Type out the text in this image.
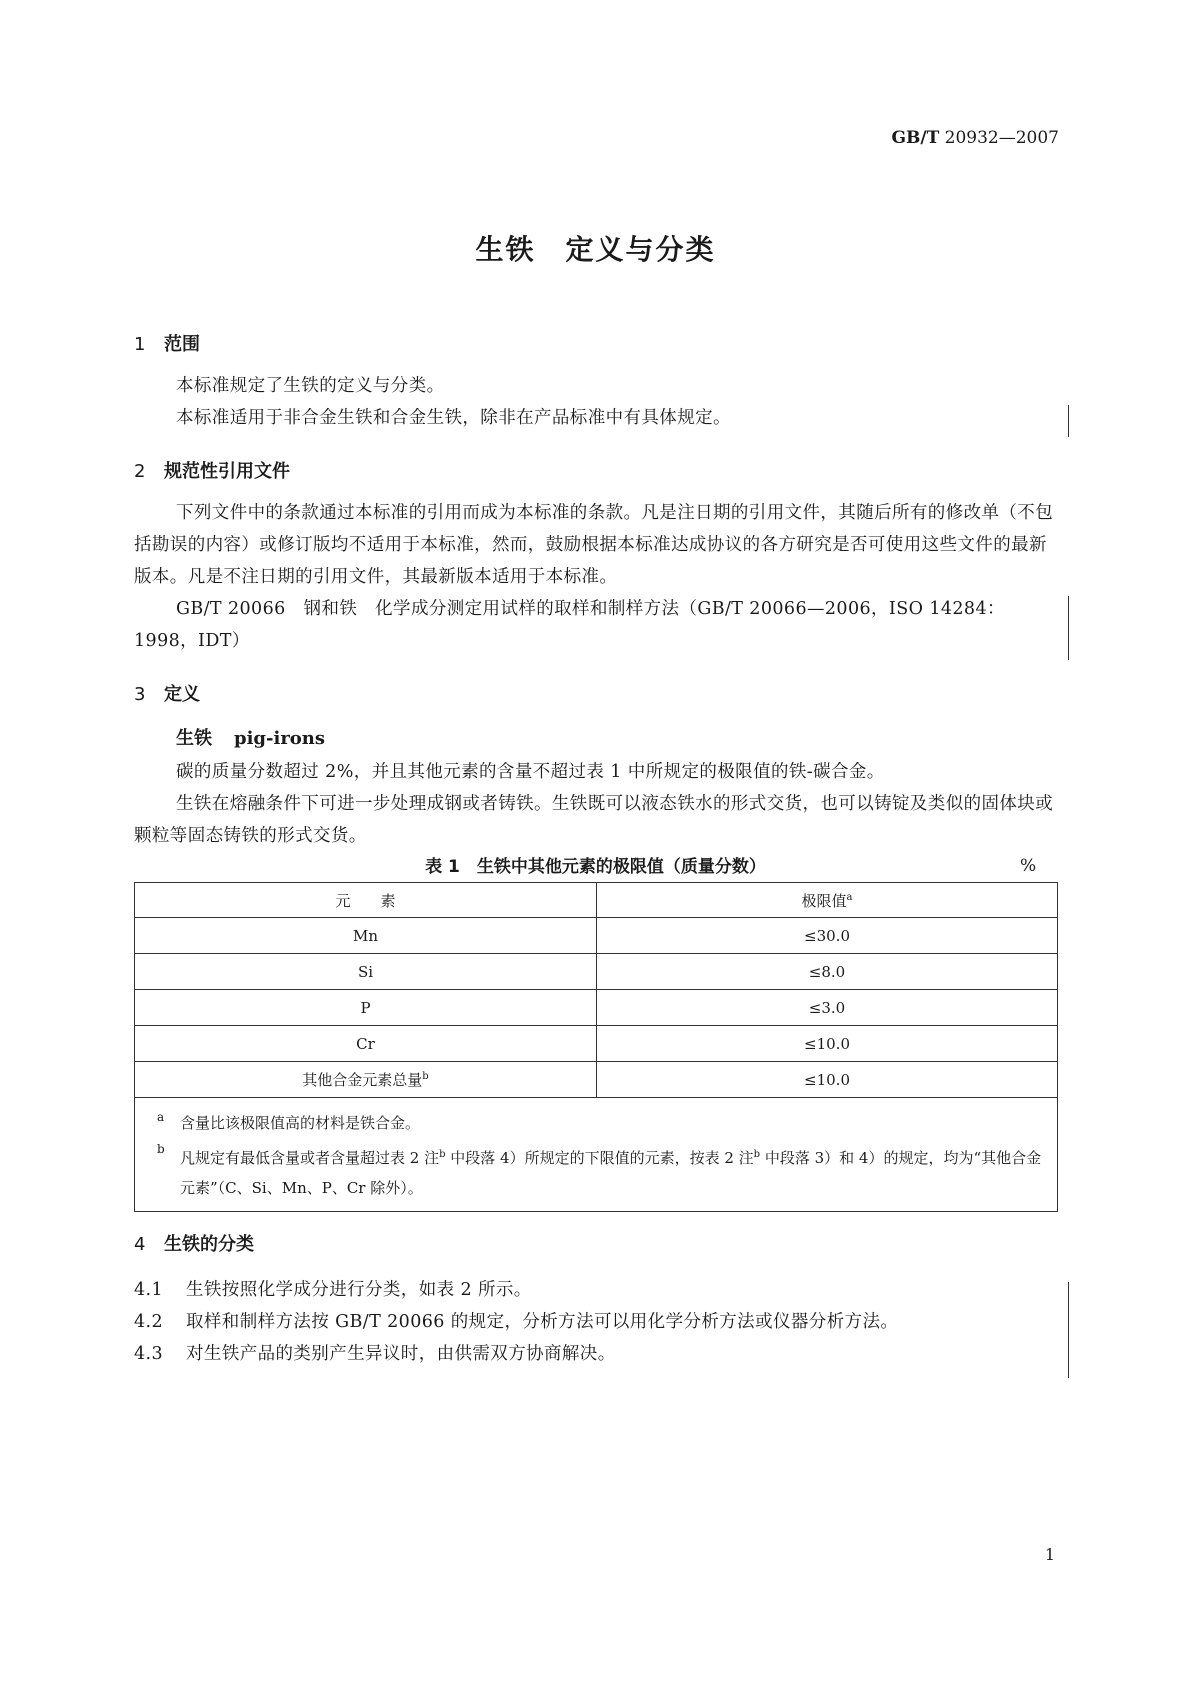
GB/T 20932—2007
生铁　定义与分类
1 范围
本标准规定了生铁的定义与分类。
本标准适用于非合金生铁和合金生铁，除非在产品标准中有具体规定。
2 规范性引用文件
下列文件中的条款通过本标准的引用而成为本标准的条款。凡是注日期的引用文件，其随后所有的修改单（不包括勘误的内容）或修订版均不适用于本标准，然而，鼓励根据本标准达成协议的各方研究是否可使用这些文件的最新版本。凡是不注日期的引用文件，其最新版本适用于本标准。
GB/T 20066　钢和铁　化学成分测定用试样的取样和制样方法（GB/T 20066—2006，ISO 14284：1998，IDT）
3 定义
生铁 pig-irons
碳的质量分数超过 2%，并且其他元素的含量不超过表 1 中所规定的极限值的铁-碳合金。
生铁在熔融条件下可进一步处理成钢或者铸铁。生铁既可以液态铁水的形式交货，也可以铸锭及类似的固体块或颗粒等固态铸铁的形式交货。
表 1　生铁中其他元素的极限值（质量分数）	%
元　　素	极限值$^a$
Mn	≤30.0
Si	≤8.0
P	≤3.0
Cr	≤10.0
其他合金元素总量$^b$	≤10.0
a 含量比该极限值高的材料是铁合金。
b 凡规定有最低含量或者含量超过表 2 注$^b$ 中段落 4）所规定的下限值的元素，按表 2 注$^b$ 中段落 3）和 4）的规定，均为“其他合金元素”（C、Si、Mn、P、Cr 除外）。
4 生铁的分类
4.1 生铁按照化学成分进行分类，如表 2 所示。
4.2 取样和制样方法按 GB/T 20066 的规定，分析方法可以用化学分析方法或仪器分析方法。
4.3 对生铁产品的类别产生异议时，由供需双方协商解决。
1
